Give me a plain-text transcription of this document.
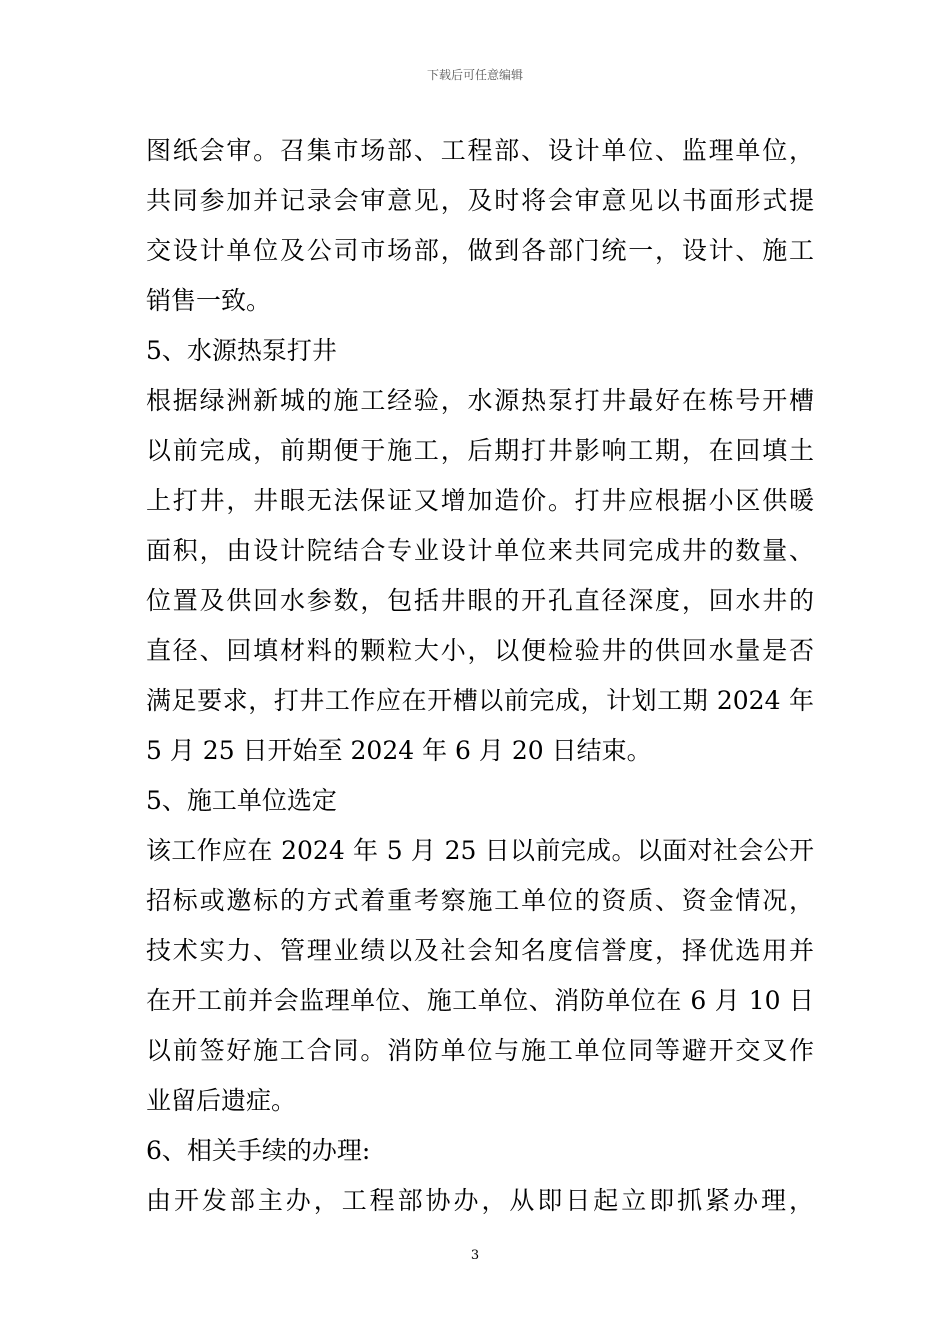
下载后可任意编辑
图纸会审。召集市场部、工程部、设计单位、监理单位，
共同参加并记录会审意见，及时将会审意见以书面形式提
交设计单位及公司市场部，做到各部门统一，设计、施工
销售一致。
5、水源热泵打井
根据绿洲新城的施工经验，水源热泵打井最好在栋号开槽
以前完成，前期便于施工，后期打井影响工期，在回填土
上打井，井眼无法保证又增加造价。打井应根据小区供暖
面积，由设计院结合专业设计单位来共同完成井的数量、
位置及供回水参数，包括井眼的开孔直径深度，回水井的
直径、回填材料的颗粒大小，以便检验井的供回水量是否
满足要求，打井工作应在开槽以前完成，计划工期 2024 年
5 月 25 日开始至 2024 年 6 月 20 日结束。
5、施工单位选定
该工作应在 2024 年 5 月 25 日以前完成。以面对社会公开
招标或邀标的方式着重考察施工单位的资质、资金情况，
技术实力、管理业绩以及社会知名度信誉度，择优选用并
在开工前并会监理单位、施工单位、消防单位在 6 月 10 日
以前签好施工合同。消防单位与施工单位同等避开交叉作
业留后遗症。
6、相关手续的办理:
由开发部主办，工程部协办，从即日起立即抓紧办理，
3
